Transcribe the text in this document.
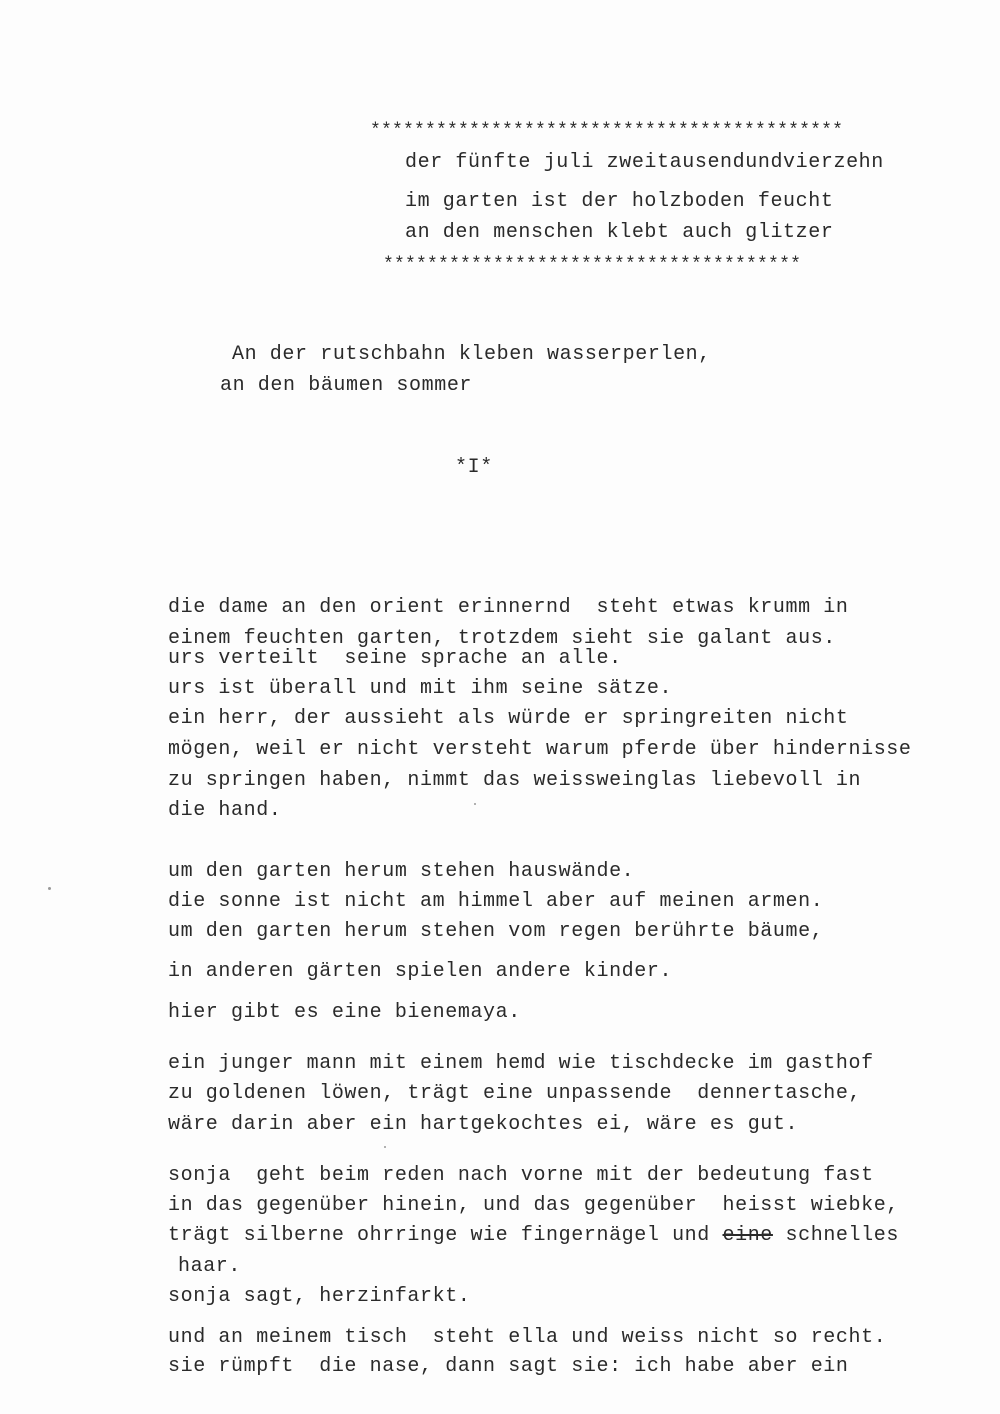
*******************************************
der fünfte juli zweitausendundvierzehn
im garten ist der holzboden feucht
an den menschen klebt auch glitzer
**************************************
An der rutschbahn kleben wasserperlen,
an den bäumen sommer
*I*
die dame an den orient erinnernd  steht etwas krumm in
einem feuchten garten, trotzdem sieht sie galant aus.
urs verteilt  seine sprache an alle.
urs ist überall und mit ihm seine sätze.
ein herr, der aussieht als würde er springreiten nicht
mögen, weil er nicht versteht warum pferde über hindernisse
zu springen haben, nimmt das weissweinglas liebevoll in
die hand.
um den garten herum stehen hauswände.
die sonne ist nicht am himmel aber auf meinen armen.
um den garten herum stehen vom regen berührte bäume,
in anderen gärten spielen andere kinder.
hier gibt es eine bienemaya.
ein junger mann mit einem hemd wie tischdecke im gasthof
zu goldenen löwen, trägt eine unpassende  dennertasche,
wäre darin aber ein hartgekochtes ei, wäre es gut.
sonja  geht beim reden nach vorne mit der bedeutung fast
in das gegenüber hinein, und das gegenüber  heisst wiebke,
trägt silberne ohrringe wie fingernägel und eine schnelles
haar.
sonja sagt, herzinfarkt.
und an meinem tisch  steht ella und weiss nicht so recht.
sie rümpft  die nase, dann sagt sie: ich habe aber ein
